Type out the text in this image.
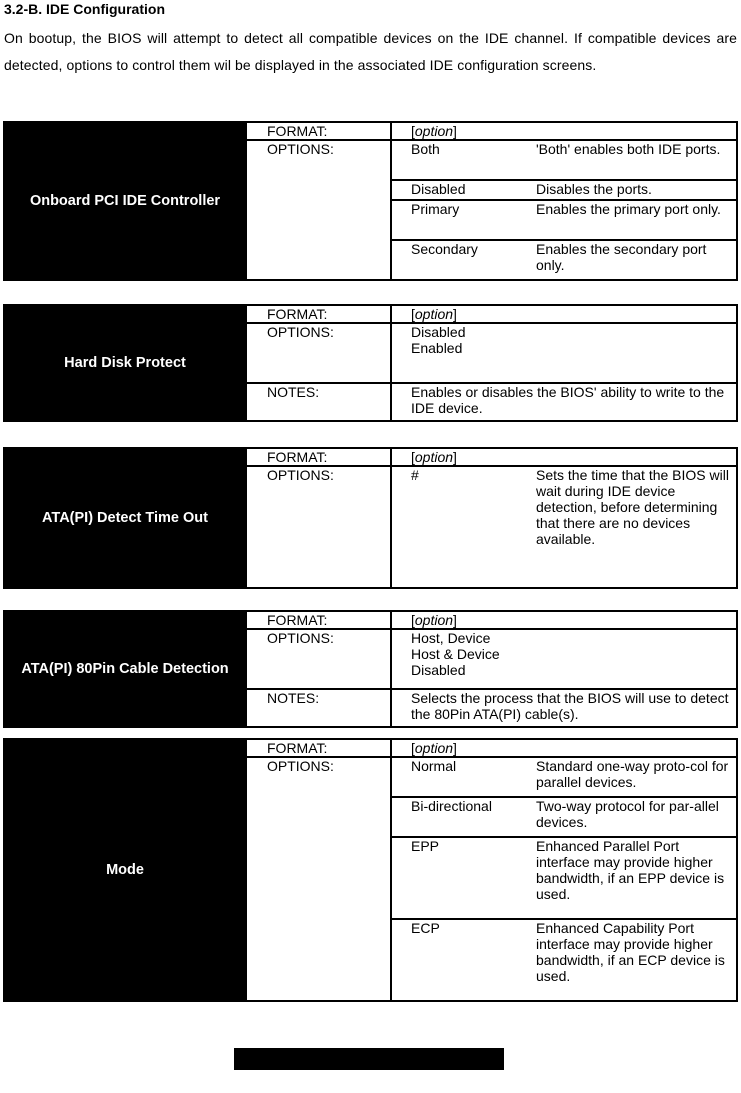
3.2-B. IDE Configuration
On bootup, the BIOS will attempt to detect all compatible devices on the IDE channel. If compatible devices are detected, options to control them wil be displayed in the associated IDE configuration screens.
Onboard PCI IDE Controller	FORMAT:	[option]	
	OPTIONS:	Both	'Both' enables both IDE ports.
		Disabled	Disables the ports.
		Primary	Enables the primary port only.
		Secondary	Enables the secondary port only.
Hard Disk Protect	FORMAT:	[option]
	OPTIONS:	Disabled
Enabled

	NOTES:	Enables or disables the BIOS' ability to write to the IDE device.
ATA(PI) Detect Time Out	FORMAT:	[option]	
	OPTIONS:	#	Sets the time that the BIOS will wait during IDE device detection, before determining that there are no devices available.
ATA(PI) 80Pin Cable Detection	FORMAT:	[option]
	OPTIONS:	Host, Device
Host & Device
Disabled

	NOTES:	Selects the process that the BIOS will use to detect the 80Pin ATA(PI) cable(s).
Mode	FORMAT:	[option]	
	OPTIONS:	Normal	Standard one-way proto-col for parallel devices.
		Bi-directional	Two-way protocol for par-allel devices.
		EPP	Enhanced Parallel Port interface may provide higher bandwidth, if an EPP device is used.
		ECP	Enhanced Capability Port interface may provide higher bandwidth, if an ECP device is used.
